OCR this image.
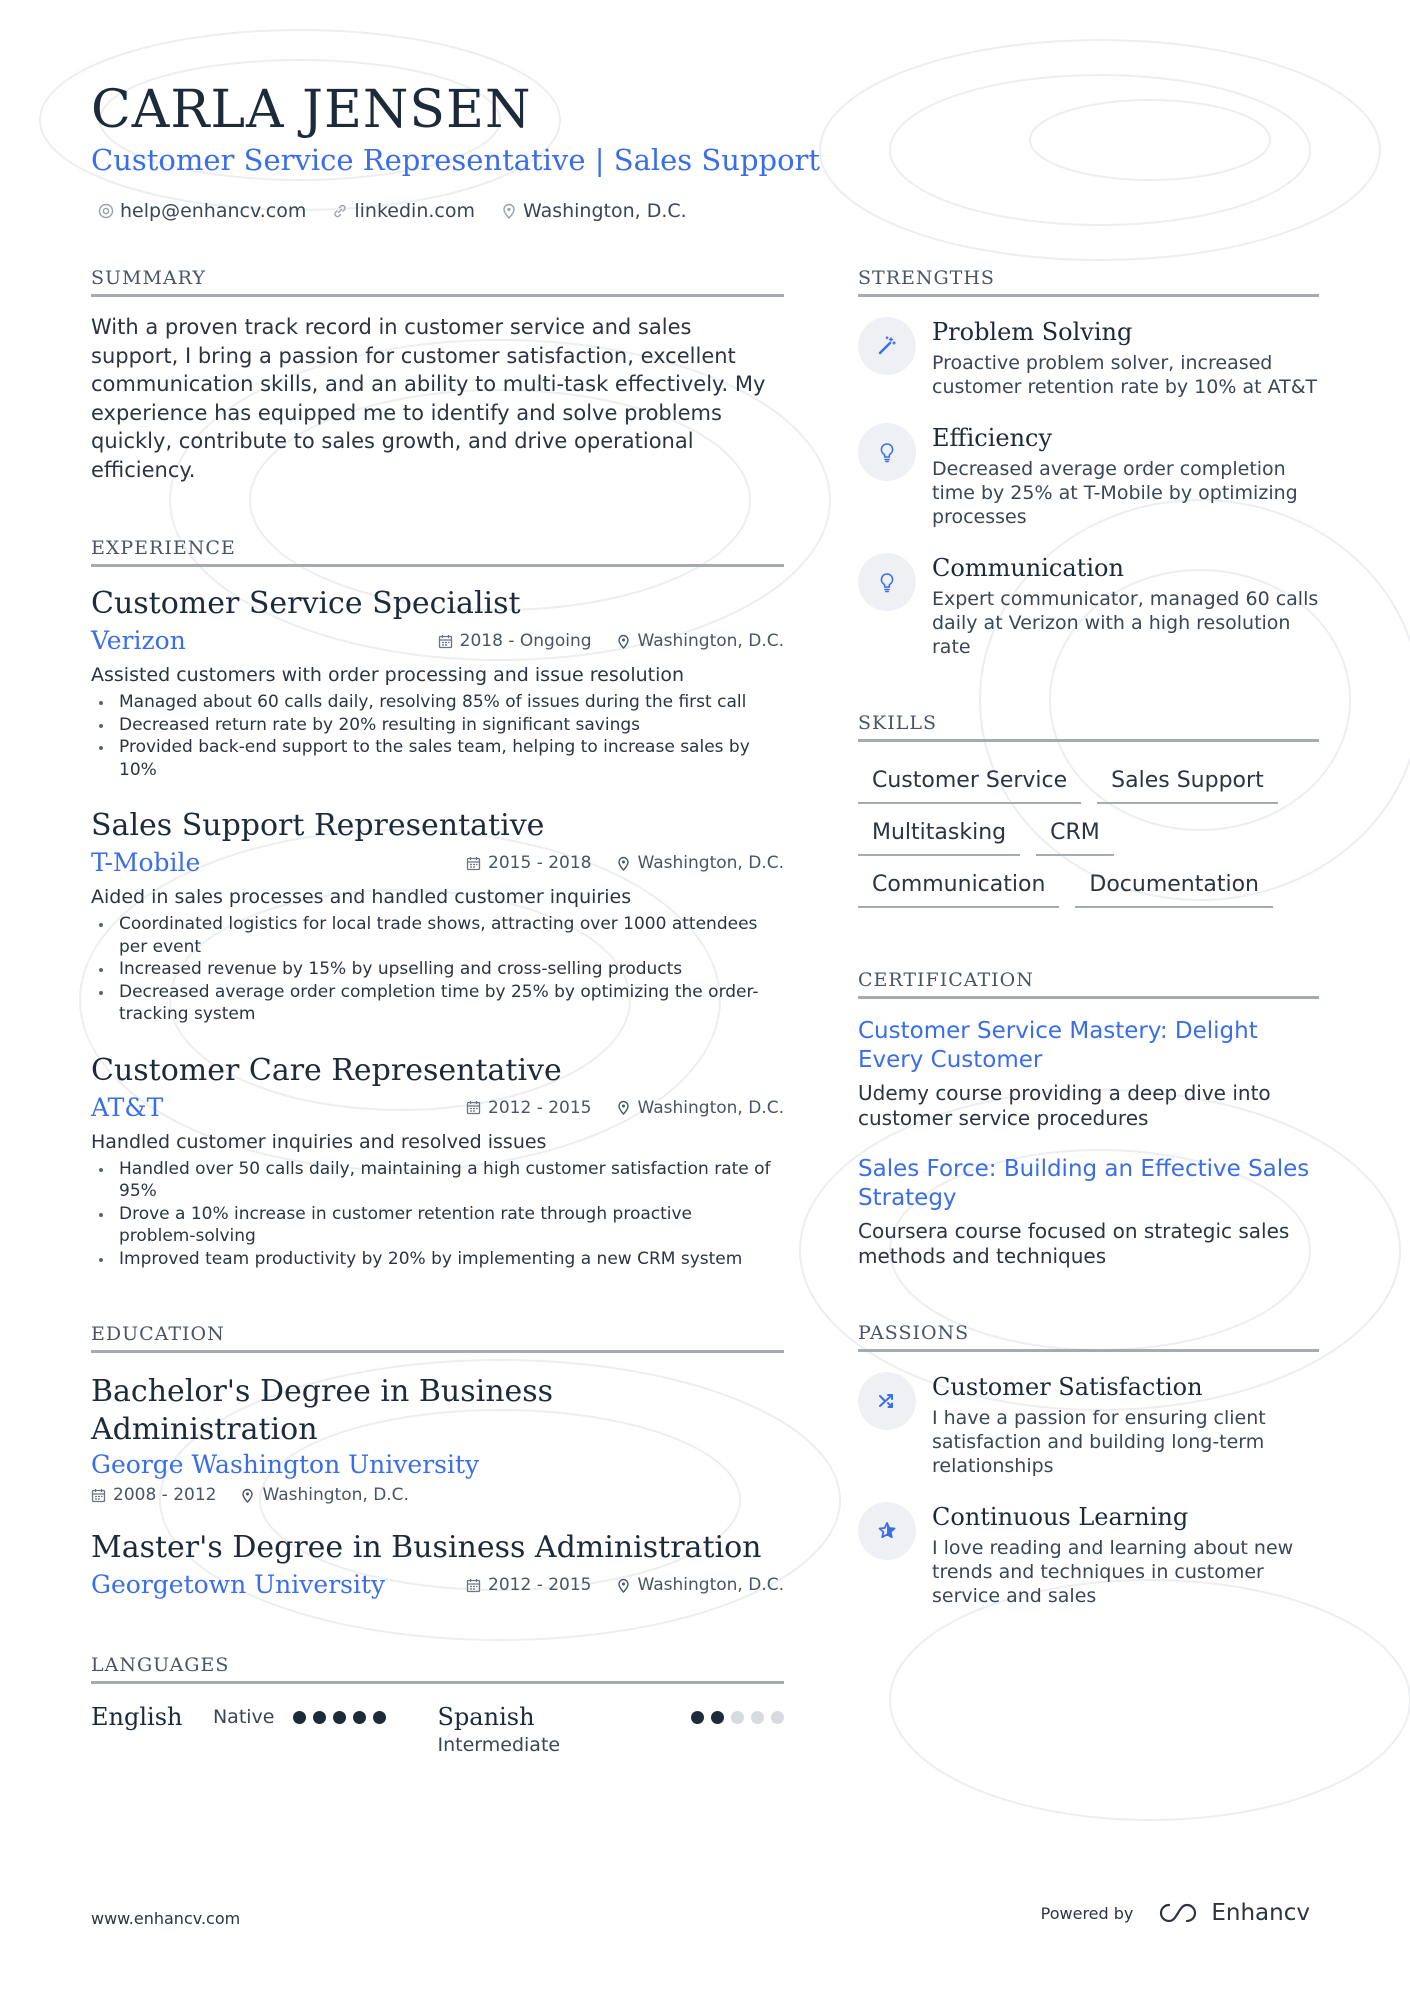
CARLA JENSEN
Customer Service Representative | Sales Support
help@enhancv.com	linkedin.com	Washington, D.C.
SUMMARY

With a proven track record in customer service and sales support, I bring a passion for customer satisfaction, excellent communication skills, and an ability to multi-task effectively. My experience has equipped me to identify and solve problems quickly, contribute to sales growth, and drive operational efficiency.

EXPERIENCE
Customer Service Specialist
Verizon	2018 - Ongoing	Washington, D.C.
Assisted customers with order processing and issue resolution
Managed about 60 calls daily, resolving 85% of issues during the first call
Decreased return rate by 20% resulting in significant savings
Provided back-end support to the sales team, helping to increase sales by 10%
Sales Support Representative
T-Mobile	2015 - 2018	Washington, D.C.
Aided in sales processes and handled customer inquiries
Coordinated logistics for local trade shows, attracting over 1000 attendees per event
Increased revenue by 15% by upselling and cross-selling products
Decreased average order completion time by 25% by optimizing the order-tracking system
Customer Care Representative
AT&T	2012 - 2015	Washington, D.C.
Handled customer inquiries and resolved issues
Handled over 50 calls daily, maintaining a high customer satisfaction rate of 95%
Drove a 10% increase in customer retention rate through proactive problem-solving
Improved team productivity by 20% by implementing a new CRM system
EDUCATION
Bachelor's Degree in Business Administration
George Washington University
2008 - 2012	Washington, D.C.
Master's Degree in Business Administration
Georgetown University	2012 - 2015	Washington, D.C.
LANGUAGES
English Native	Spanish
Intermediate
STRENGTHS
Problem Solving
Proactive problem solver, increased customer retention rate by 10% at AT&T
Efficiency
Decreased average order completion time by 25% at T-Mobile by optimizing processes
Communication
Expert communicator, managed 60 calls daily at Verizon with a high resolution rate
SKILLS
Customer Service	Sales Support
Multitasking	CRM
Communication	Documentation
CERTIFICATION
Customer Service Mastery: Delight Every Customer
Udemy course providing a deep dive into customer service procedures
Sales Force: Building an Effective Sales Strategy
Coursera course focused on strategic sales methods and techniques
PASSIONS
Customer Satisfaction
I have a passion for ensuring client satisfaction and building long-term relationships
Continuous Learning
I love reading and learning about new trends and techniques in customer service and sales
www.enhancv.com	Powered by	Enhancv
